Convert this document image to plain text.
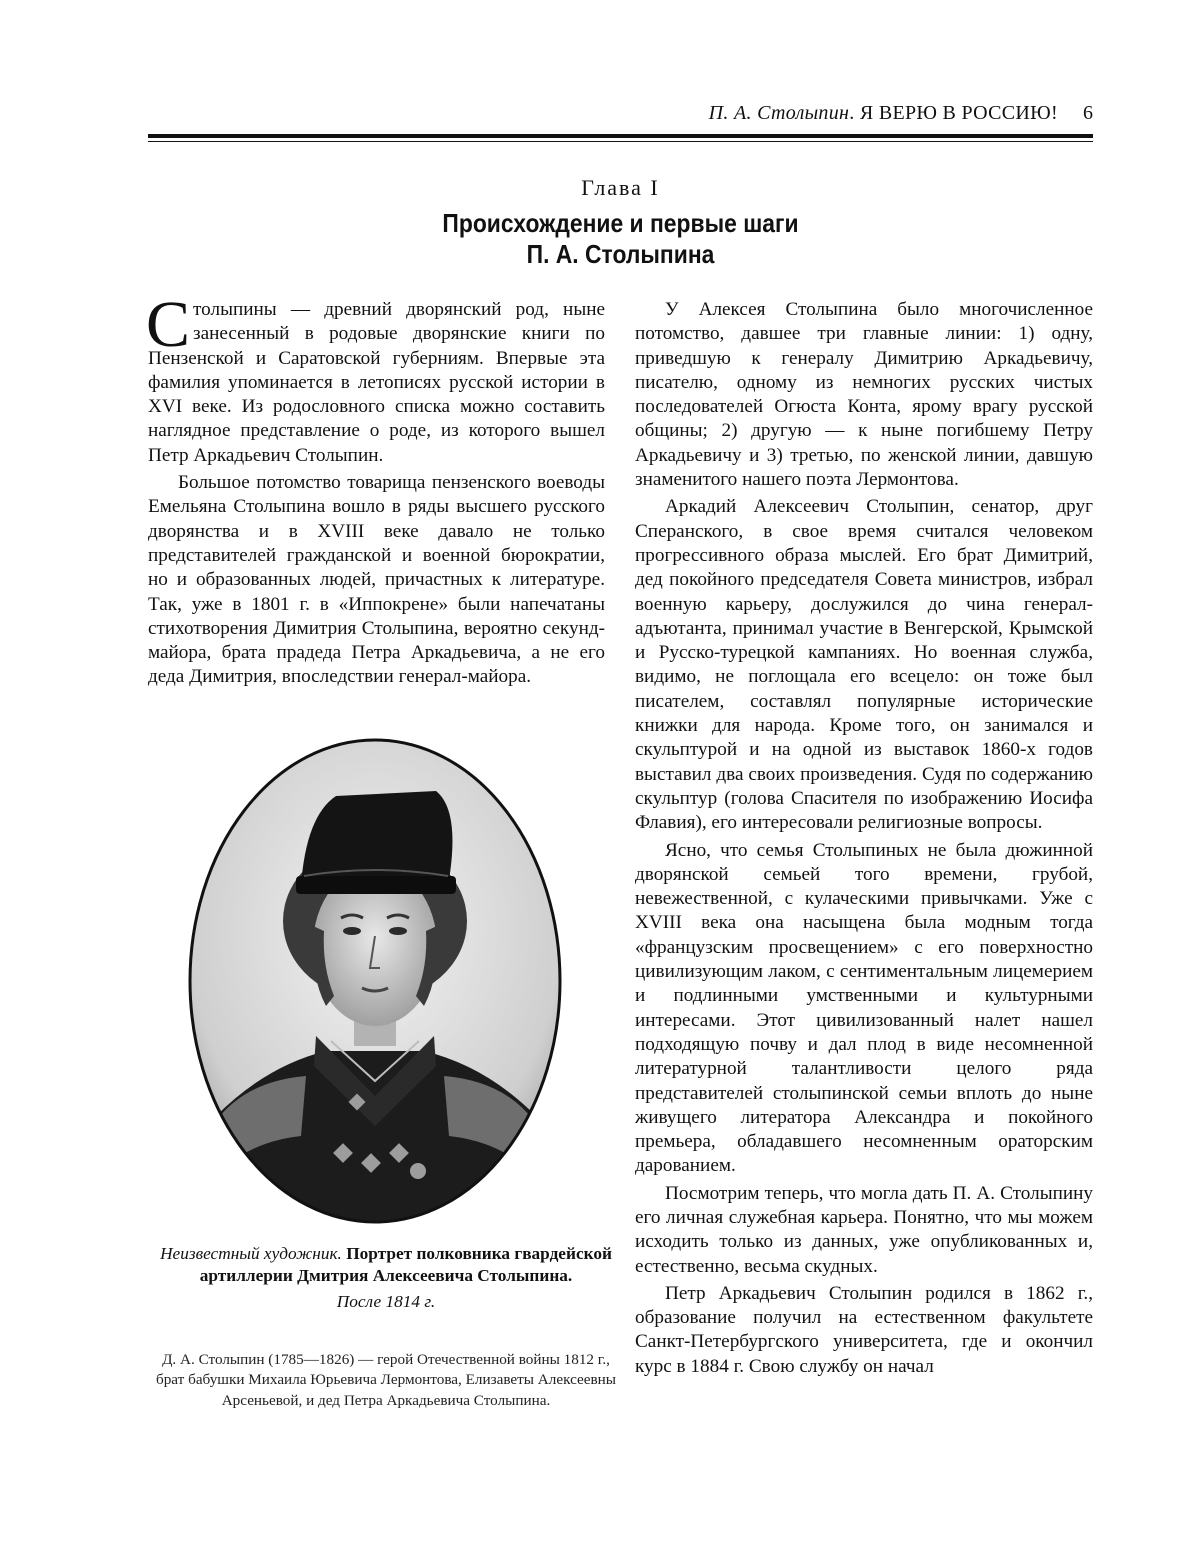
П. А. Столыпин. Я ВЕРЮ В РОССИЮ! 6
Глава I
Происхождение и первые шаги
П. А. Столыпина

Столыпины — древний дворянский род, ныне занесенный в родовые дворянские книги по Пензенской и Саратовской губерниям. Впервые эта фамилия упоминается в летописях русской истории в XVI веке. Из родословного списка можно составить наглядное представление о роде, из которого вышел Петр Аркадьевич Столыпин.

Большое потомство товарища пензенского воеводы Емельяна Столыпина вошло в ряды высшего русского дворянства и в XVIII веке давало не только представителей гражданской и военной бюрократии, но и образованных людей, причастных к литературе. Так, уже в 1801 г. в «Иппокрене» были напечатаны стихотворения Димитрия Столыпина, вероятно секунд-майора, брата прадеда Петра Аркадьевича, а не его деда Димитрия, впоследствии генерал-майора.

Неизвестный художник. Портрет полковника гвардейской артиллерии Дмитрия Алексеевича Столыпина.
После 1814 г.
Д. А. Столыпин (1785—1826) — герой Отечественной войны 1812 г., брат бабушки Михаила Юрьевича Лермонтова, Елизаветы Алексеевны Арсеньевой, и дед Петра Аркадьевича Столыпина.

У Алексея Столыпина было многочисленное потомство, давшее три главные линии: 1) одну, приведшую к генералу Димитрию Аркадьевичу, писателю, одному из немногих русских чистых последователей Огюста Конта, ярому врагу русской общины; 2) другую — к ныне погибшему Петру Аркадьевичу и 3) третью, по женской линии, давшую знаменитого нашего поэта Лермонтова.

Аркадий Алексеевич Столыпин, сенатор, друг Сперанского, в свое время считался человеком прогрессивного образа мыслей. Его брат Димитрий, дед покойного председателя Совета министров, избрал военную карьеру, дослужился до чина генерал-адъютанта, принимал участие в Венгерской, Крымской и Русско-турецкой кампаниях. Но военная служба, видимо, не поглощала его всецело: он тоже был писателем, составлял популярные исторические книжки для народа. Кроме того, он занимался и скульптурой и на одной из выставок 1860-х годов выставил два своих произведения. Судя по содержанию скульптур (голова Спасителя по изображению Иосифа Флавия), его интересовали религиозные вопросы.

Ясно, что семья Столыпиных не была дюжинной дворянской семьей того времени, грубой, невежественной, с кулаческими привычками. Уже с XVIII века она насыщена была модным тогда «французским просвещением» с его поверхностно цивилизующим лаком, с сентиментальным лицемерием и подлинными умственными и культурными интересами. Этот цивилизованный налет нашел подходящую почву и дал плод в виде несомненной литературной талантливости целого ряда представителей столыпинской семьи вплоть до ныне живущего литератора Александра и покойного премьера, обладавшего несомненным ораторским дарованием.

Посмотрим теперь, что могла дать П. А. Столыпину его личная служебная карьера. Понятно, что мы можем исходить только из данных, уже опубликованных и, естественно, весьма скудных.

Петр Аркадьевич Столыпин родился в 1862 г., образование получил на естественном факультете Санкт-Петербургского университета, где и окончил курс в 1884 г. Свою службу он начал
